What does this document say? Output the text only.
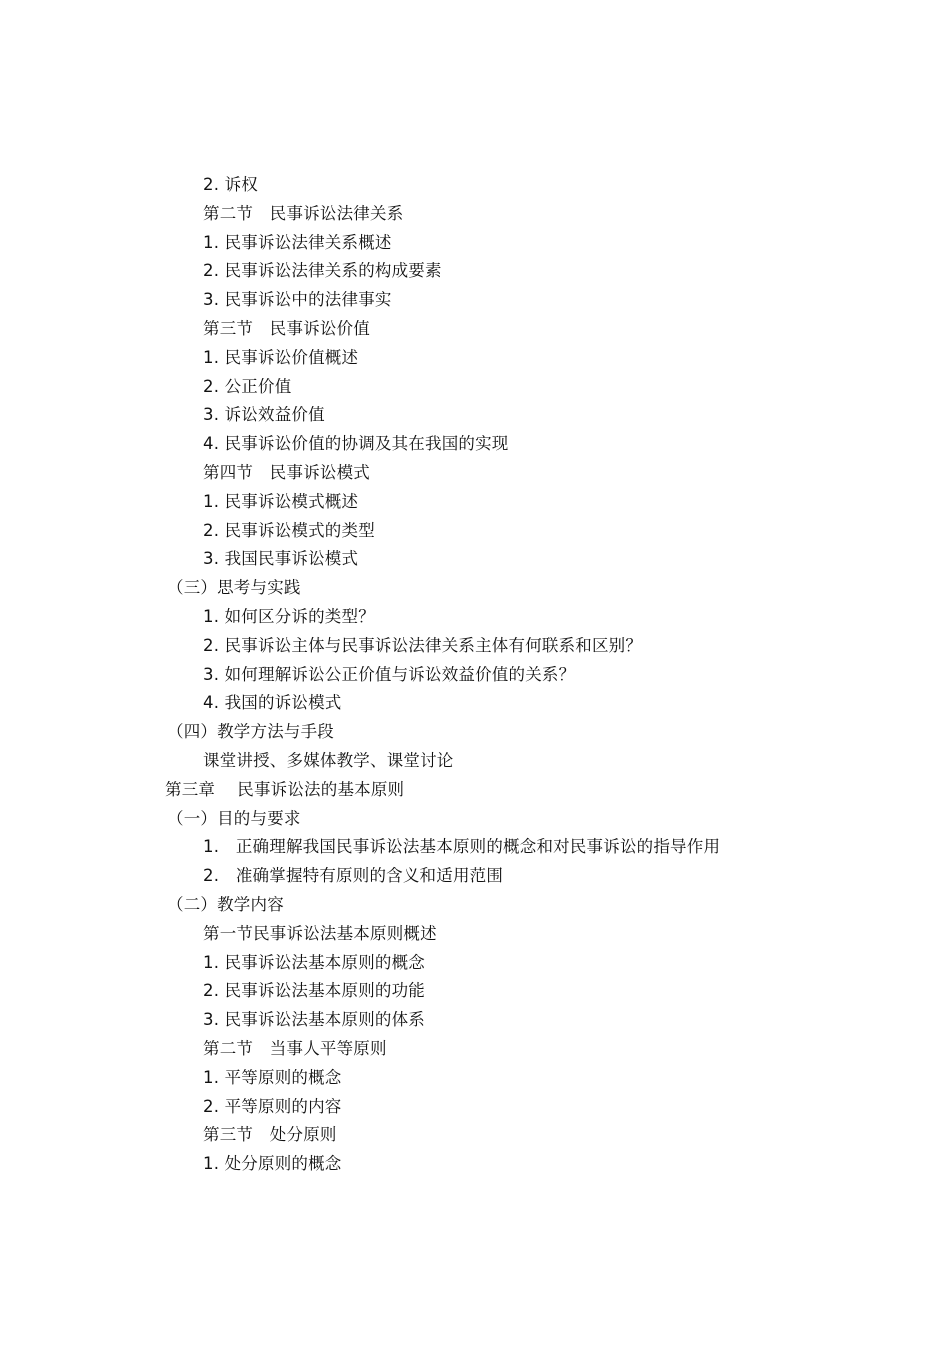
2. 诉权
第二节　民事诉讼法律关系
1. 民事诉讼法律关系概述
2. 民事诉讼法律关系的构成要素
3. 民事诉讼中的法律事实
第三节　民事诉讼价值
1. 民事诉讼价值概述
2. 公正价值
3. 诉讼效益价值
4. 民事诉讼价值的协调及其在我国的实现
第四节　民事诉讼模式
1. 民事诉讼模式概述
2. 民事诉讼模式的类型
3. 我国民事诉讼模式
（三）思考与实践
1. 如何区分诉的类型？
2. 民事诉讼主体与民事诉讼法律关系主体有何联系和区别？
3. 如何理解诉讼公正价值与诉讼效益价值的关系？
4. 我国的诉讼模式
（四）教学方法与手段
课堂讲授、多媒体教学、课堂讨论
第三章　 民事诉讼法的基本原则
（一）目的与要求
1.　正确理解我国民事诉讼法基本原则的概念和对民事诉讼的指导作用
2.　准确掌握特有原则的含义和适用范围
（二）教学内容
第一节民事诉讼法基本原则概述
1. 民事诉讼法基本原则的概念
2. 民事诉讼法基本原则的功能
3. 民事诉讼法基本原则的体系
第二节　当事人平等原则
1. 平等原则的概念
2. 平等原则的内容
第三节　处分原则
1. 处分原则的概念
